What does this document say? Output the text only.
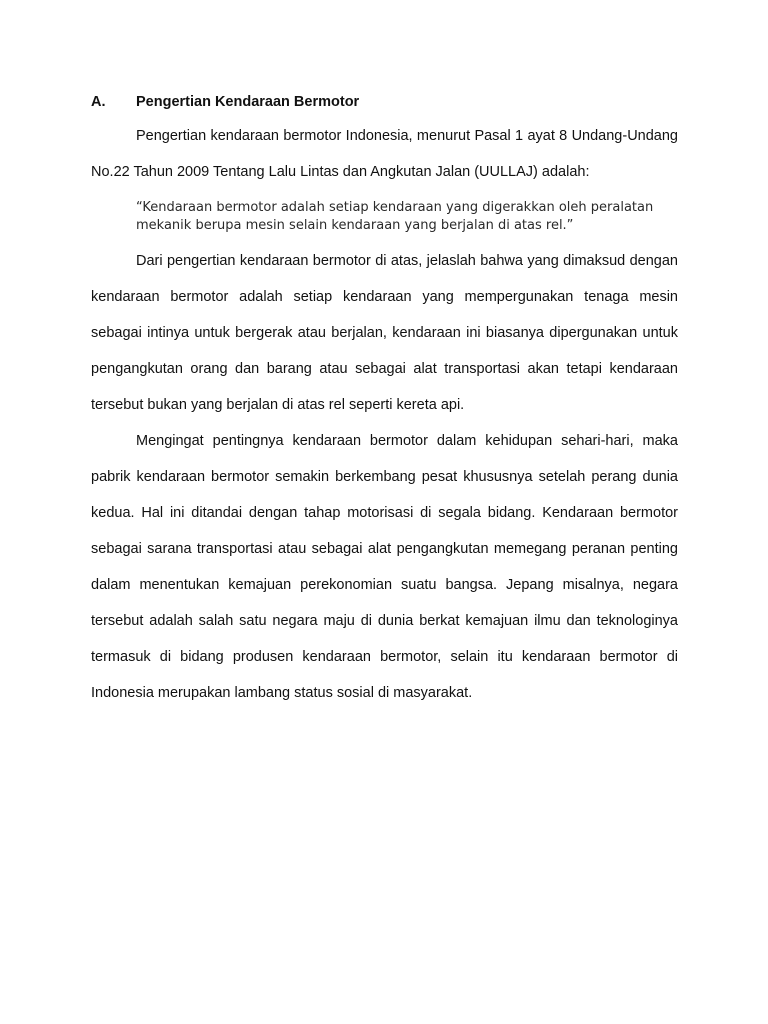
A. Pengertian Kendaraan Bermotor

Pengertian kendaraan bermotor Indonesia, menurut Pasal 1 ayat 8 Undang-Undang No.22 Tahun 2009 Tentang Lalu Lintas dan Angkutan Jalan (UULLAJ) adalah:

“Kendaraan bermotor adalah setiap kendaraan yang digerakkan oleh peralatan mekanik berupa mesin selain kendaraan yang berjalan di atas rel.”

Dari pengertian kendaraan bermotor di atas, jelaslah bahwa yang dimaksud dengan kendaraan bermotor adalah setiap kendaraan yang mempergunakan tenaga mesin sebagai intinya untuk bergerak atau berjalan, kendaraan ini biasanya dipergunakan untuk pengangkutan orang dan barang atau sebagai alat transportasi akan tetapi kendaraan tersebut bukan yang berjalan di atas rel seperti kereta api.

Mengingat pentingnya kendaraan bermotor dalam kehidupan sehari-hari, maka pabrik kendaraan bermotor semakin berkembang pesat khususnya setelah perang dunia kedua. Hal ini ditandai dengan tahap motorisasi di segala bidang. Kendaraan bermotor sebagai sarana transportasi atau sebagai alat pengangkutan memegang peranan penting dalam menentukan kemajuan perekonomian suatu bangsa. Jepang misalnya, negara tersebut adalah salah satu negara maju di dunia berkat kemajuan ilmu dan teknologinya termasuk di bidang produsen kendaraan bermotor, selain itu kendaraan bermotor di Indonesia merupakan lambang status sosial di masyarakat.
